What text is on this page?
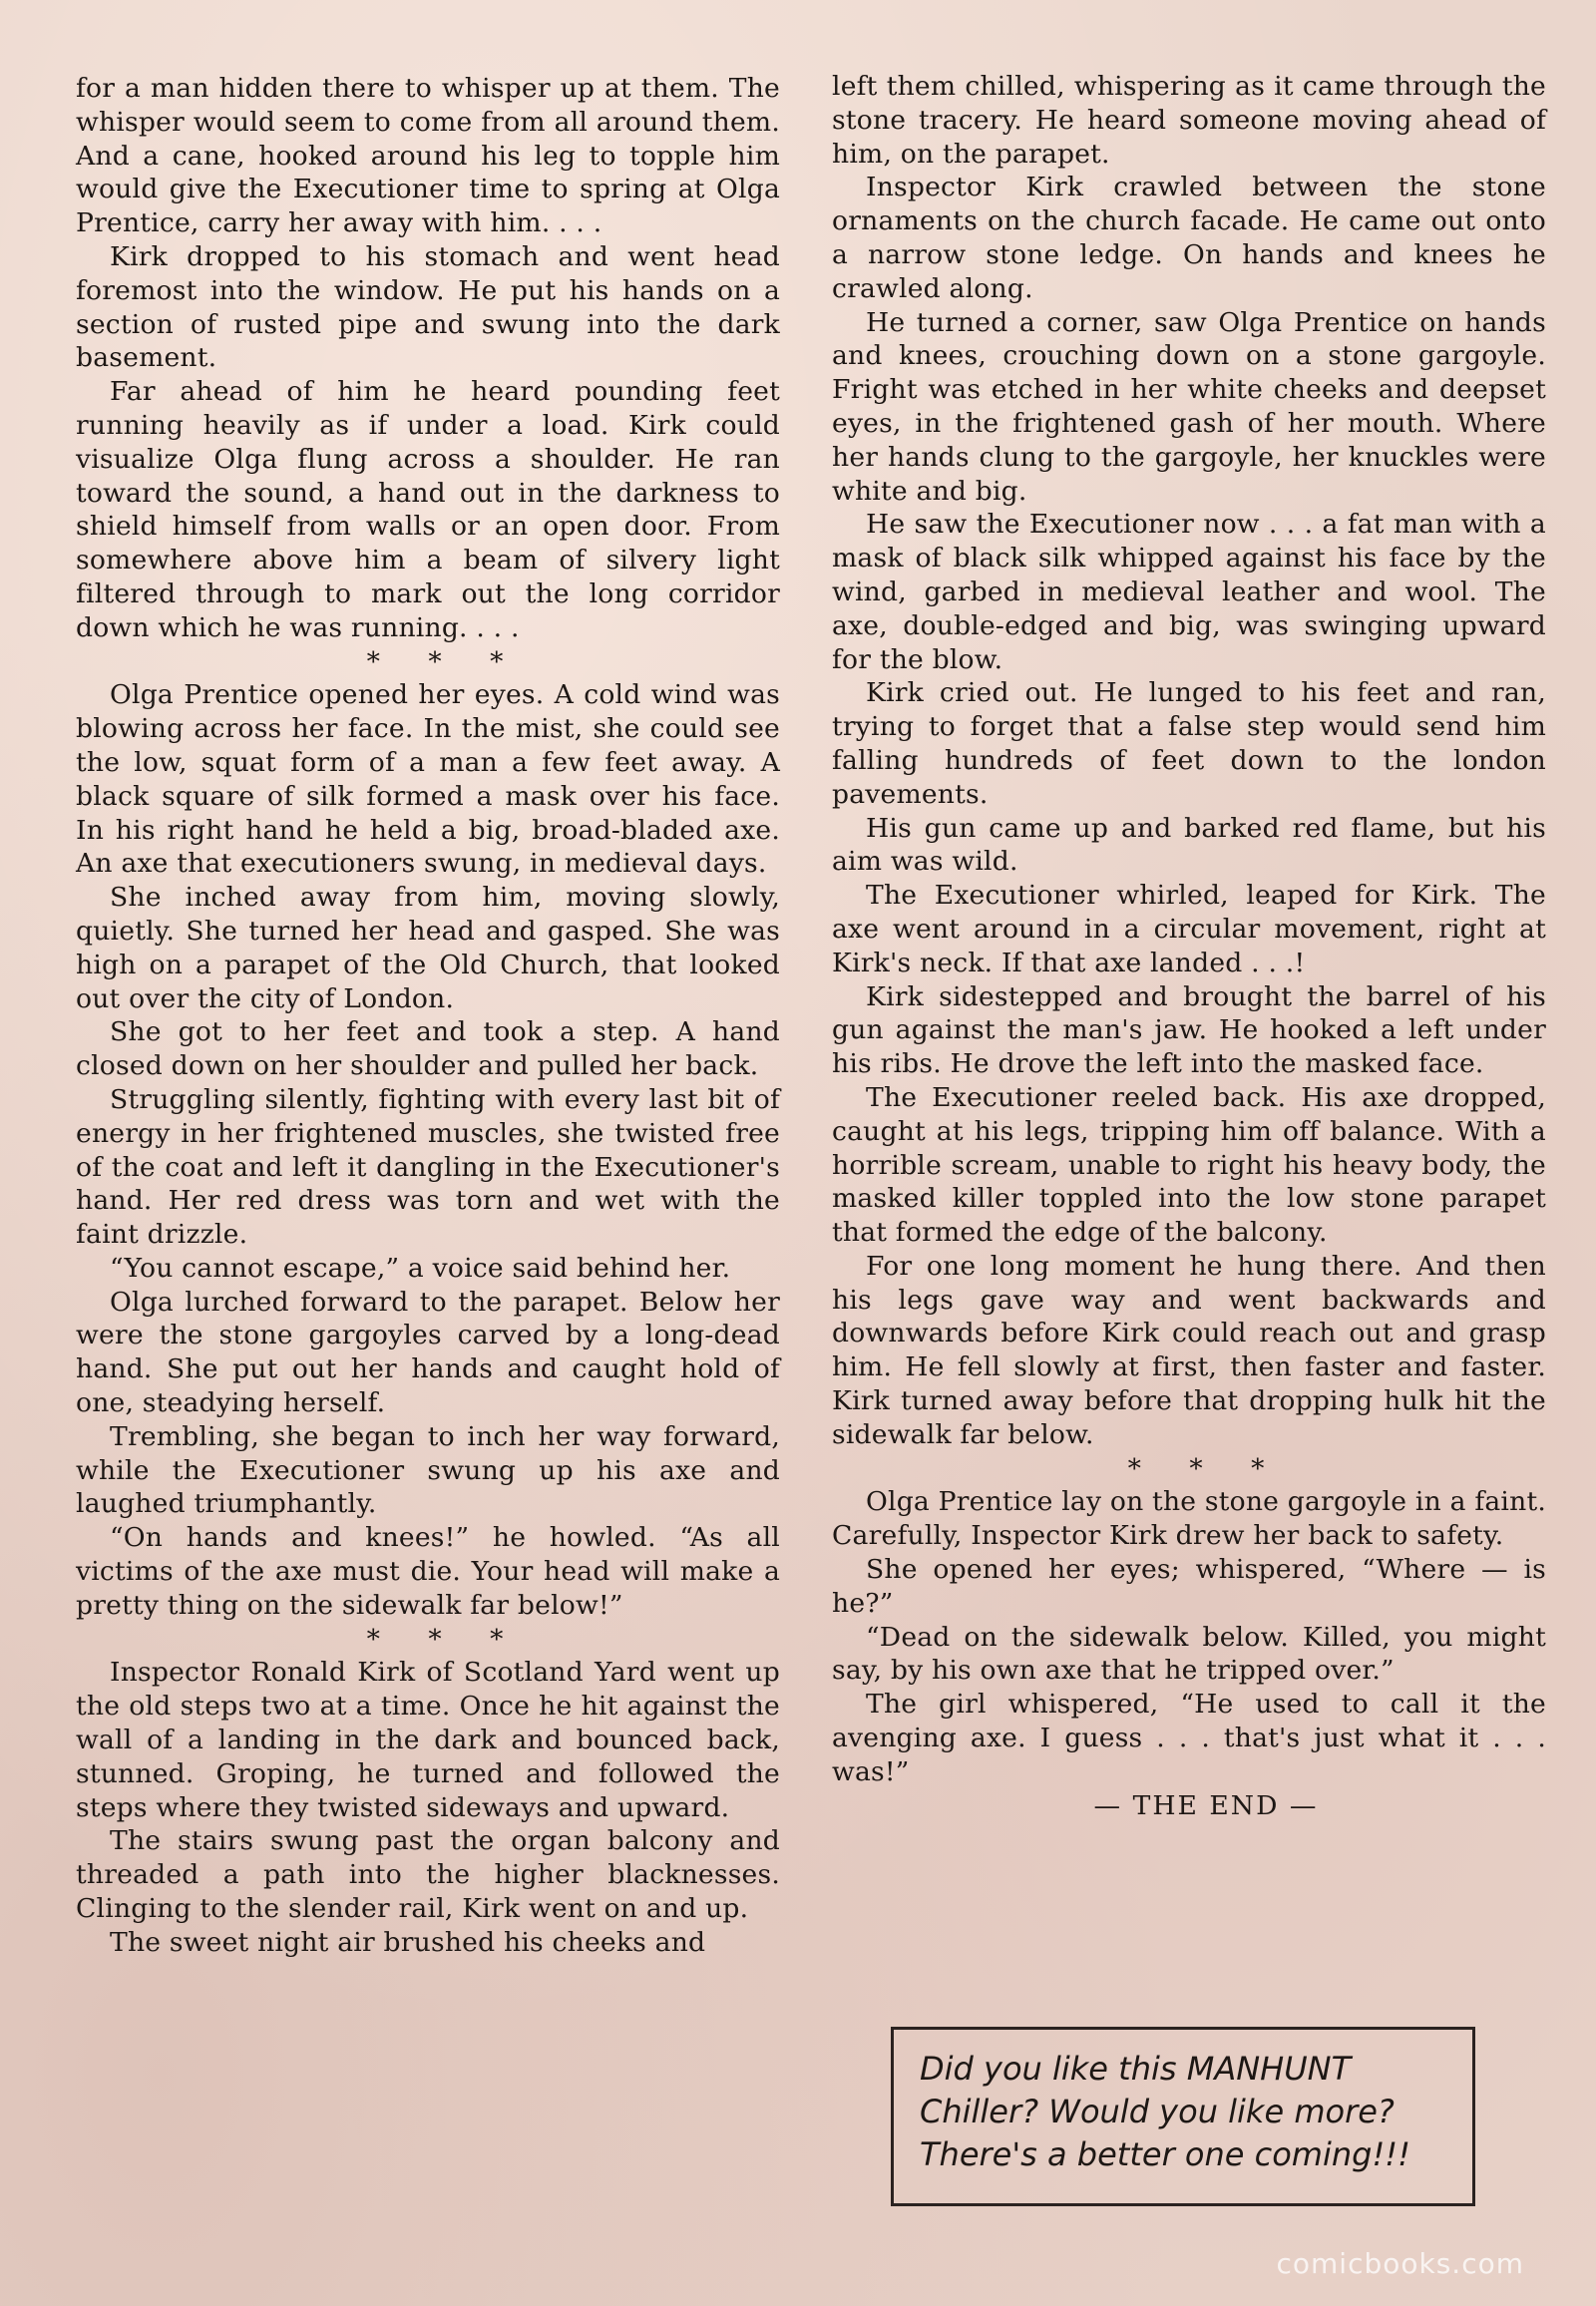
for a man hidden there to whisper up at them. The whisper would seem to come from all around them. And a cane, hooked around his leg to topple him would give the Executioner time to spring at Olga Prentice, carry her away with him. . . .

Kirk dropped to his stomach and went head foremost into the window. He put his hands on a section of rusted pipe and swung into the dark basement.

Far ahead of him he heard pounding feet running heavily as if under a load. Kirk could visualize Olga flung across a shoulder. He ran toward the sound, a hand out in the darkness to shield himself from walls or an open door. From somewhere above him a beam of silvery light filtered through to mark out the long corridor down which he was running. . . .

* * *

Olga Prentice opened her eyes. A cold wind was blowing across her face. In the mist, she could see the low, squat form of a man a few feet away. A black square of silk formed a mask over his face. In his right hand he held a big, broad-bladed axe. An axe that executioners swung, in medieval days.

She inched away from him, moving slowly, quietly. She turned her head and gasped. She was high on a parapet of the Old Church, that looked out over the city of London.

She got to her feet and took a step. A hand closed down on her shoulder and pulled her back.

Struggling silently, fighting with every last bit of energy in her frightened muscles, she twisted free of the coat and left it dangling in the Executioner's hand. Her red dress was torn and wet with the faint drizzle.

“You cannot escape,” a voice said behind her.

Olga lurched forward to the parapet. Below her were the stone gargoyles carved by a long-dead hand. She put out her hands and caught hold of one, steadying herself.

Trembling, she began to inch her way forward, while the Executioner swung up his axe and laughed triumphantly.

“On hands and knees!” he howled. “As all victims of the axe must die. Your head will make a pretty thing on the sidewalk far below!”

* * *

Inspector Ronald Kirk of Scotland Yard went up the old steps two at a time. Once he hit against the wall of a landing in the dark and bounced back, stunned. Groping, he turned and followed the steps where they twisted sideways and upward.

The stairs swung past the organ balcony and threaded a path into the higher blacknesses. Clinging to the slender rail, Kirk went on and up.

The sweet night air brushed his cheeks and

left them chilled, whispering as it came through the stone tracery. He heard someone moving ahead of him, on the parapet.

Inspector Kirk crawled between the stone ornaments on the church facade. He came out onto a narrow stone ledge. On hands and knees he crawled along.

He turned a corner, saw Olga Prentice on hands and knees, crouching down on a stone gargoyle. Fright was etched in her white cheeks and deepset eyes, in the frightened gash of her mouth. Where her hands clung to the gargoyle, her knuckles were white and big.

He saw the Executioner now . . . a fat man with a mask of black silk whipped against his face by the wind, garbed in medieval leather and wool. The axe, double-edged and big, was swinging upward for the blow.

Kirk cried out. He lunged to his feet and ran, trying to forget that a false step would send him falling hundreds of feet down to the london pavements.

His gun came up and barked red flame, but his aim was wild.

The Executioner whirled, leaped for Kirk. The axe went around in a circular movement, right at Kirk's neck. If that axe landed . . .!

Kirk sidestepped and brought the barrel of his gun against the man's jaw. He hooked a left under his ribs. He drove the left into the masked face.

The Executioner reeled back. His axe dropped, caught at his legs, tripping him off balance. With a horrible scream, unable to right his heavy body, the masked killer toppled into the low stone parapet that formed the edge of the balcony.

For one long moment he hung there. And then his legs gave way and went backwards and downwards before Kirk could reach out and grasp him. He fell slowly at first, then faster and faster. Kirk turned away before that dropping hulk hit the sidewalk far below.

* * *

Olga Prentice lay on the stone gargoyle in a faint. Carefully, Inspector Kirk drew her back to safety.

She opened her eyes; whispered, “Where — is he?”

“Dead on the sidewalk below. Killed, you might say, by his own axe that he tripped over.”

The girl whispered, “He used to call it the avenging axe. I guess . . . that's just what it . . . was!”

— THE END —

Did you like this MANHUNT
Chiller? Would you like more?
There's a better one coming!!!
comicbooks.com
